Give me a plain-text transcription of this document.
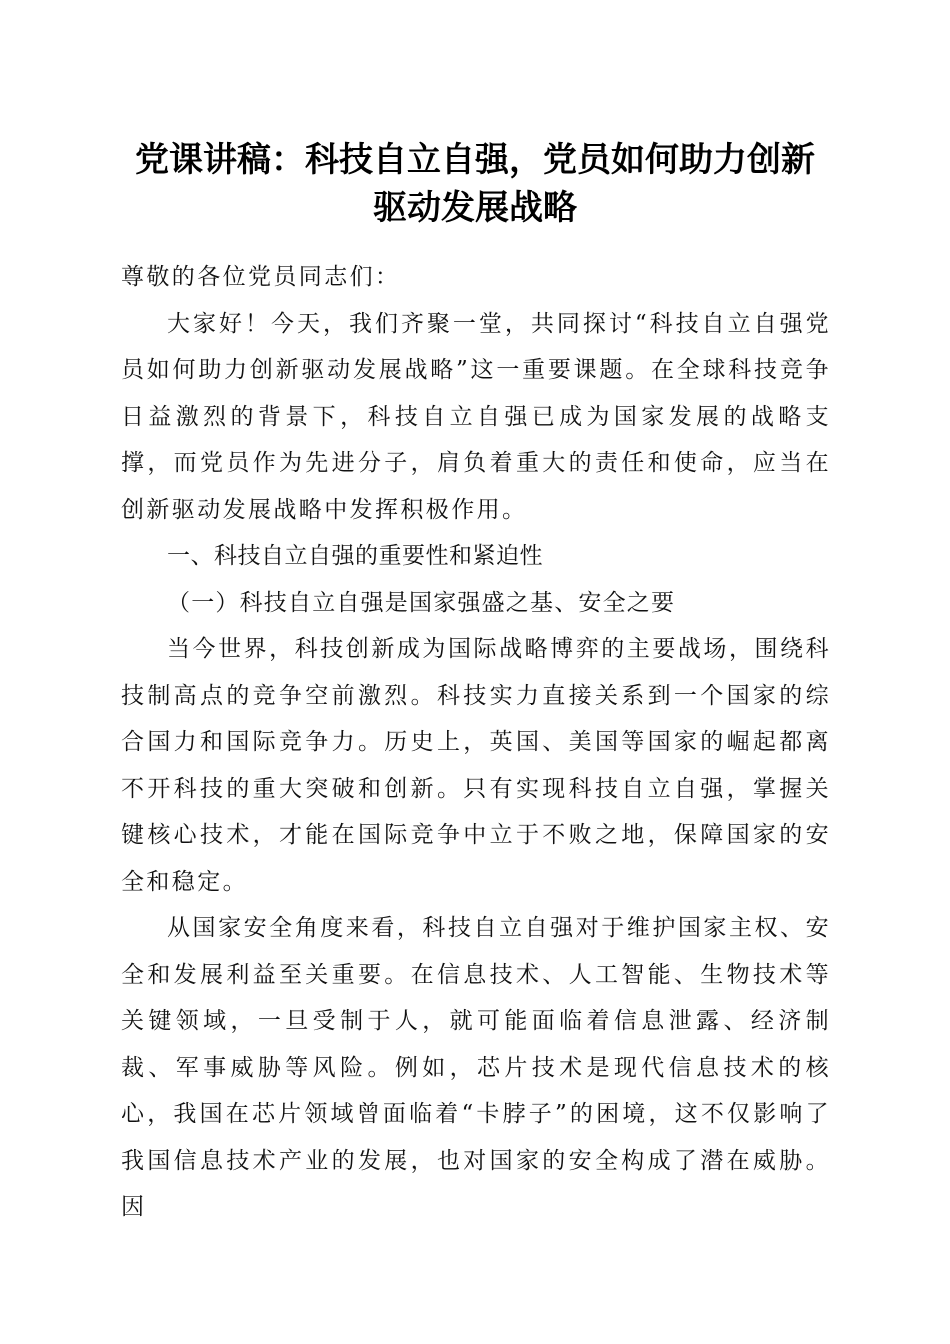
党课讲稿：科技自立自强，党员如何助力创新
驱动发展战略

尊敬的各位党员同志们：

大家好！今天，我们齐聚一堂，共同探讨“科技自立自强党员如何助力创新驱动发展战略”这一重要课题。在全球科技竞争日益激烈的背景下，科技自立自强已成为国家发展的战略支撑，而党员作为先进分子，肩负着重大的责任和使命，应当在创新驱动发展战略中发挥积极作用。

一、科技自立自强的重要性和紧迫性

（一）科技自立自强是国家强盛之基、安全之要

当今世界，科技创新成为国际战略博弈的主要战场，围绕科技制高点的竞争空前激烈。科技实力直接关系到一个国家的综合国力和国际竞争力。历史上，英国、美国等国家的崛起都离不开科技的重大突破和创新。只有实现科技自立自强，掌握关键核心技术，才能在国际竞争中立于不败之地，保障国家的安全和稳定。

从国家安全角度来看，科技自立自强对于维护国家主权、安全和发展利益至关重要。在信息技术、人工智能、生物技术等关键领域，一旦受制于人，就可能面临着信息泄露、经济制裁、军事威胁等风险。例如，芯片技术是现代信息技术的核心，我国在芯片领域曾面临着“卡脖子”的困境，这不仅影响了我国信息技术产业的发展，也对国家的安全构成了潜在威胁。因
